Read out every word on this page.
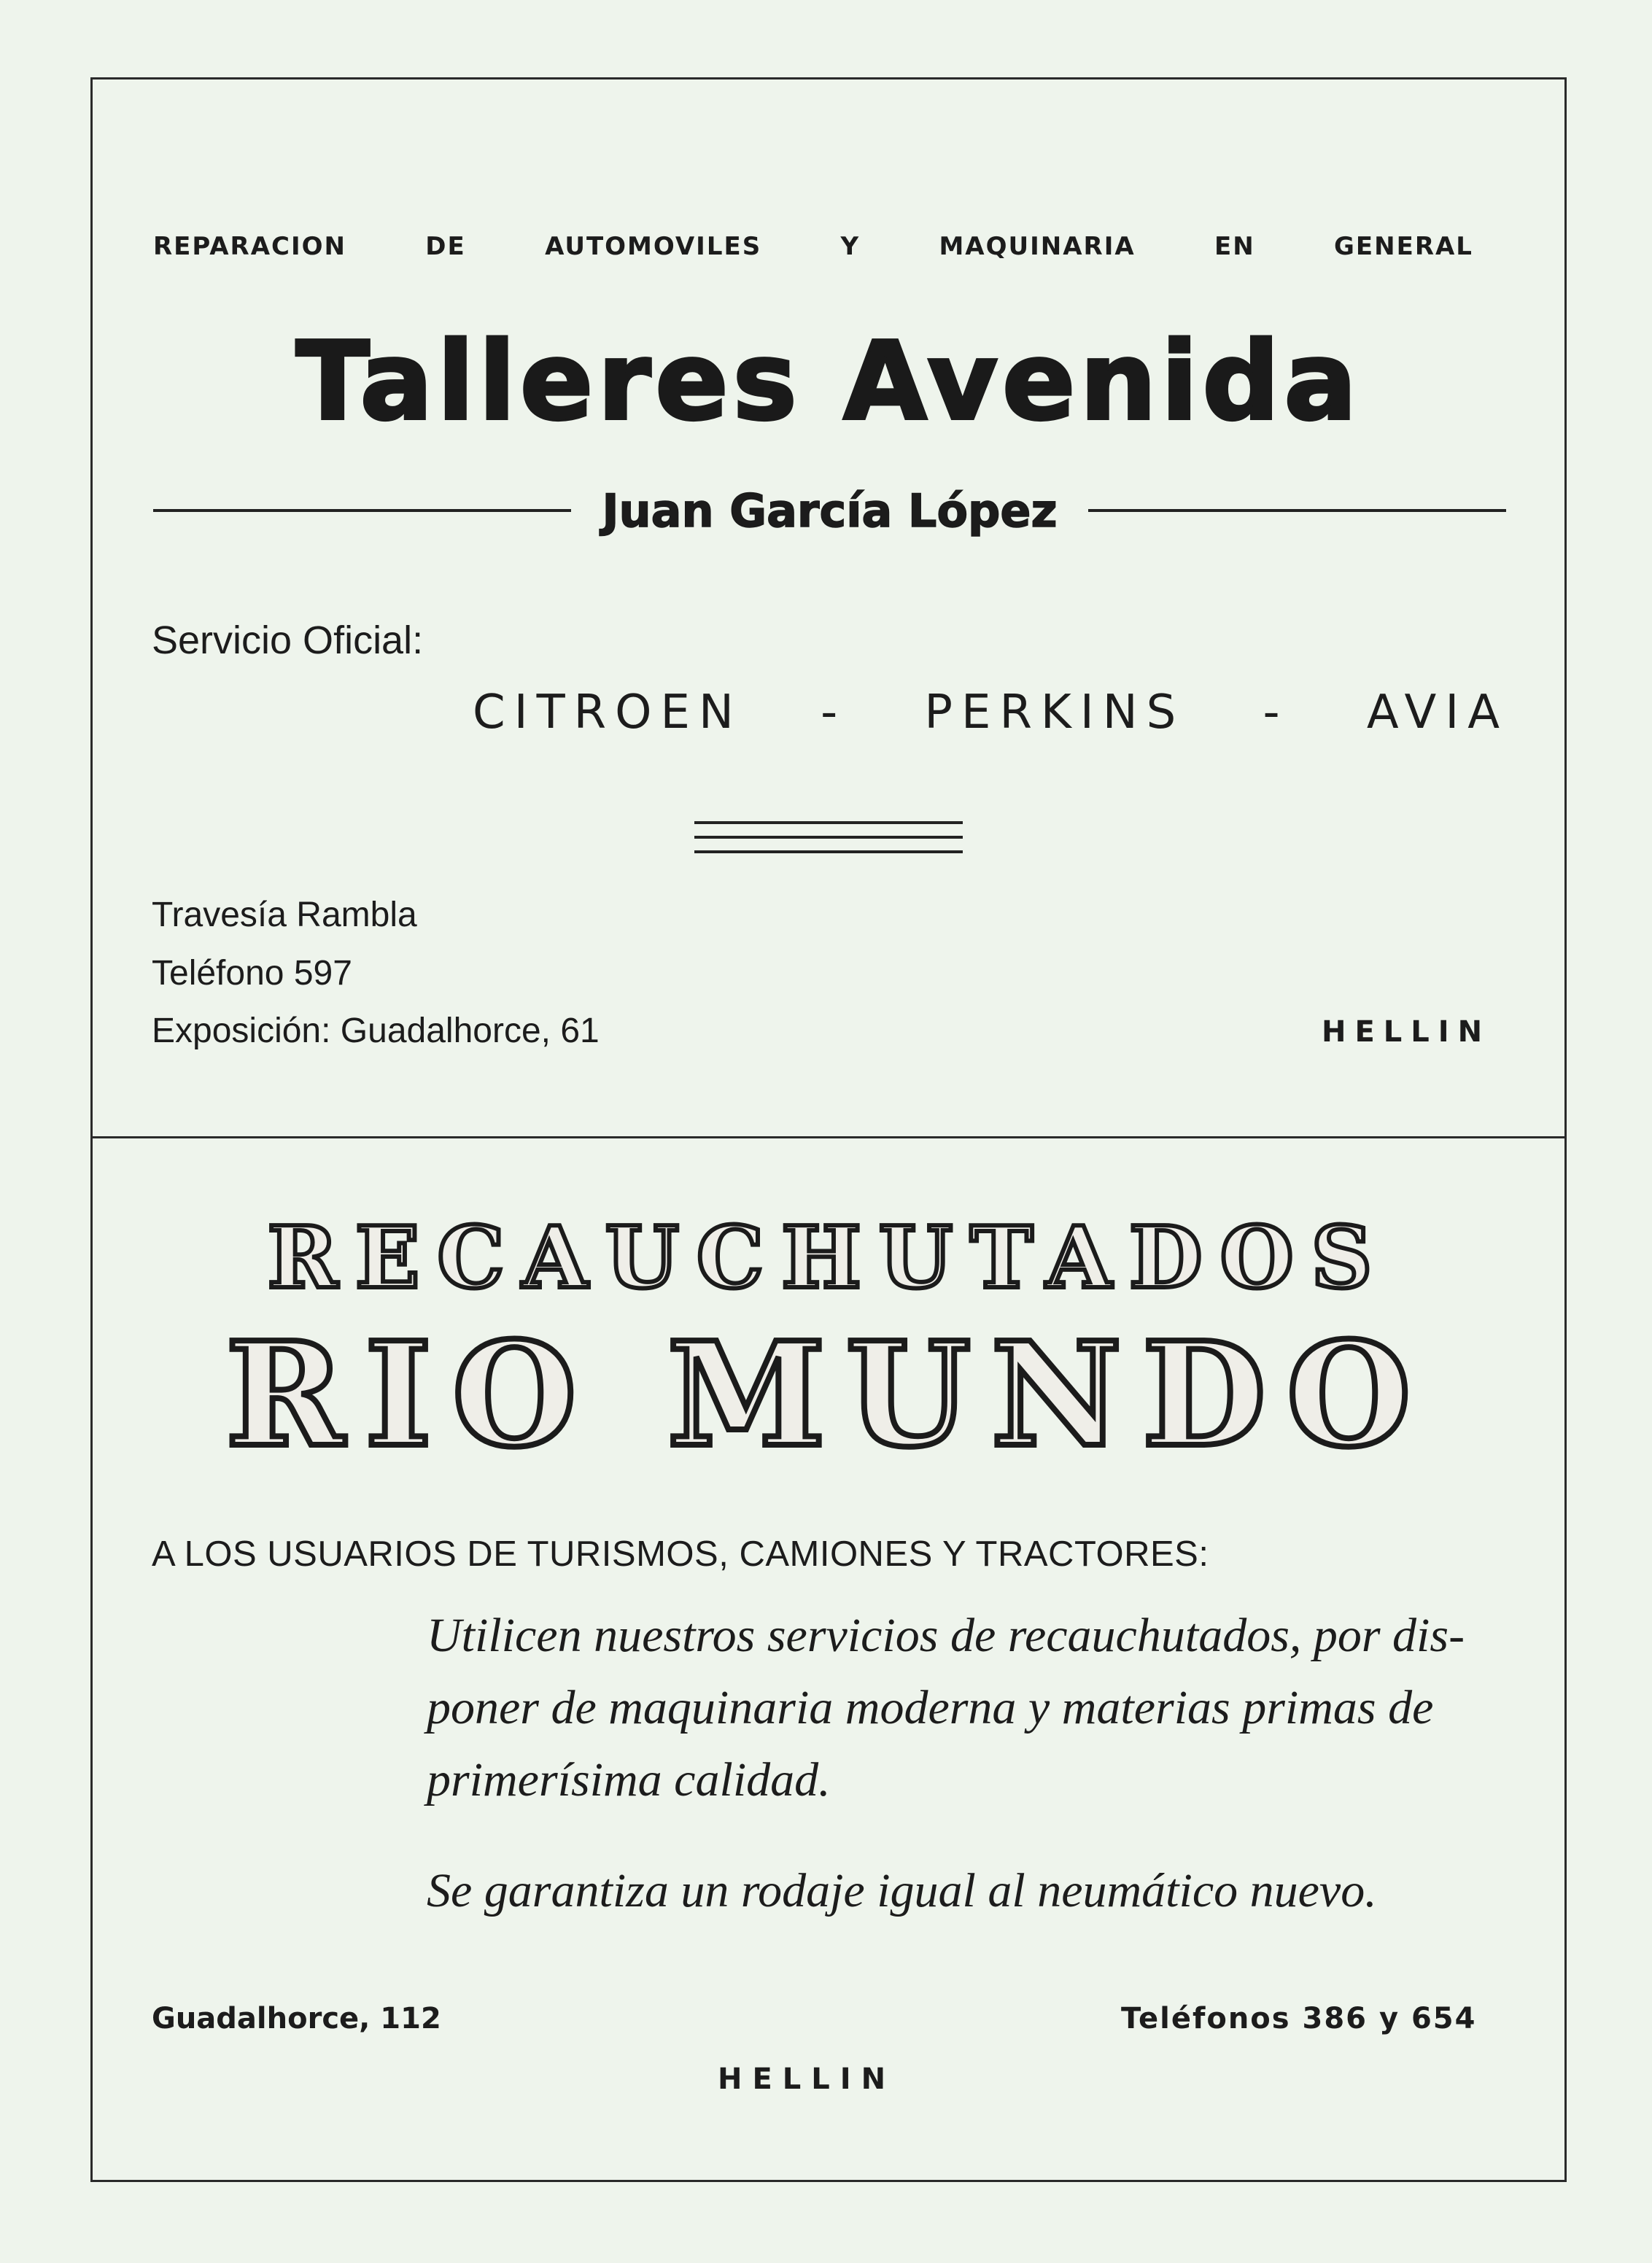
REPARACION	DE	AUTOMOVILES	Y	MAQUINARIA	EN	GENERAL
Talleres Avenida
Juan García López
Servicio Oficial:
CITROEN - PERKINS - AVIA
Travesía Rambla
Teléfono 597
Exposición: Guadalhorce, 61	HELLIN
RECAUCHUTADOS
RIO MUNDO
A LOS USUARIOS DE TURISMOS, CAMIONES Y TRACTORES:
Utilicen nuestros servicios de recauchutados, por dis-
poner de maquinaria moderna y materias primas de
primerísima calidad.
Se garantiza un rodaje igual al neumático nuevo.
Guadalhorce, 112	Teléfonos 386 y 654
HELLIN
